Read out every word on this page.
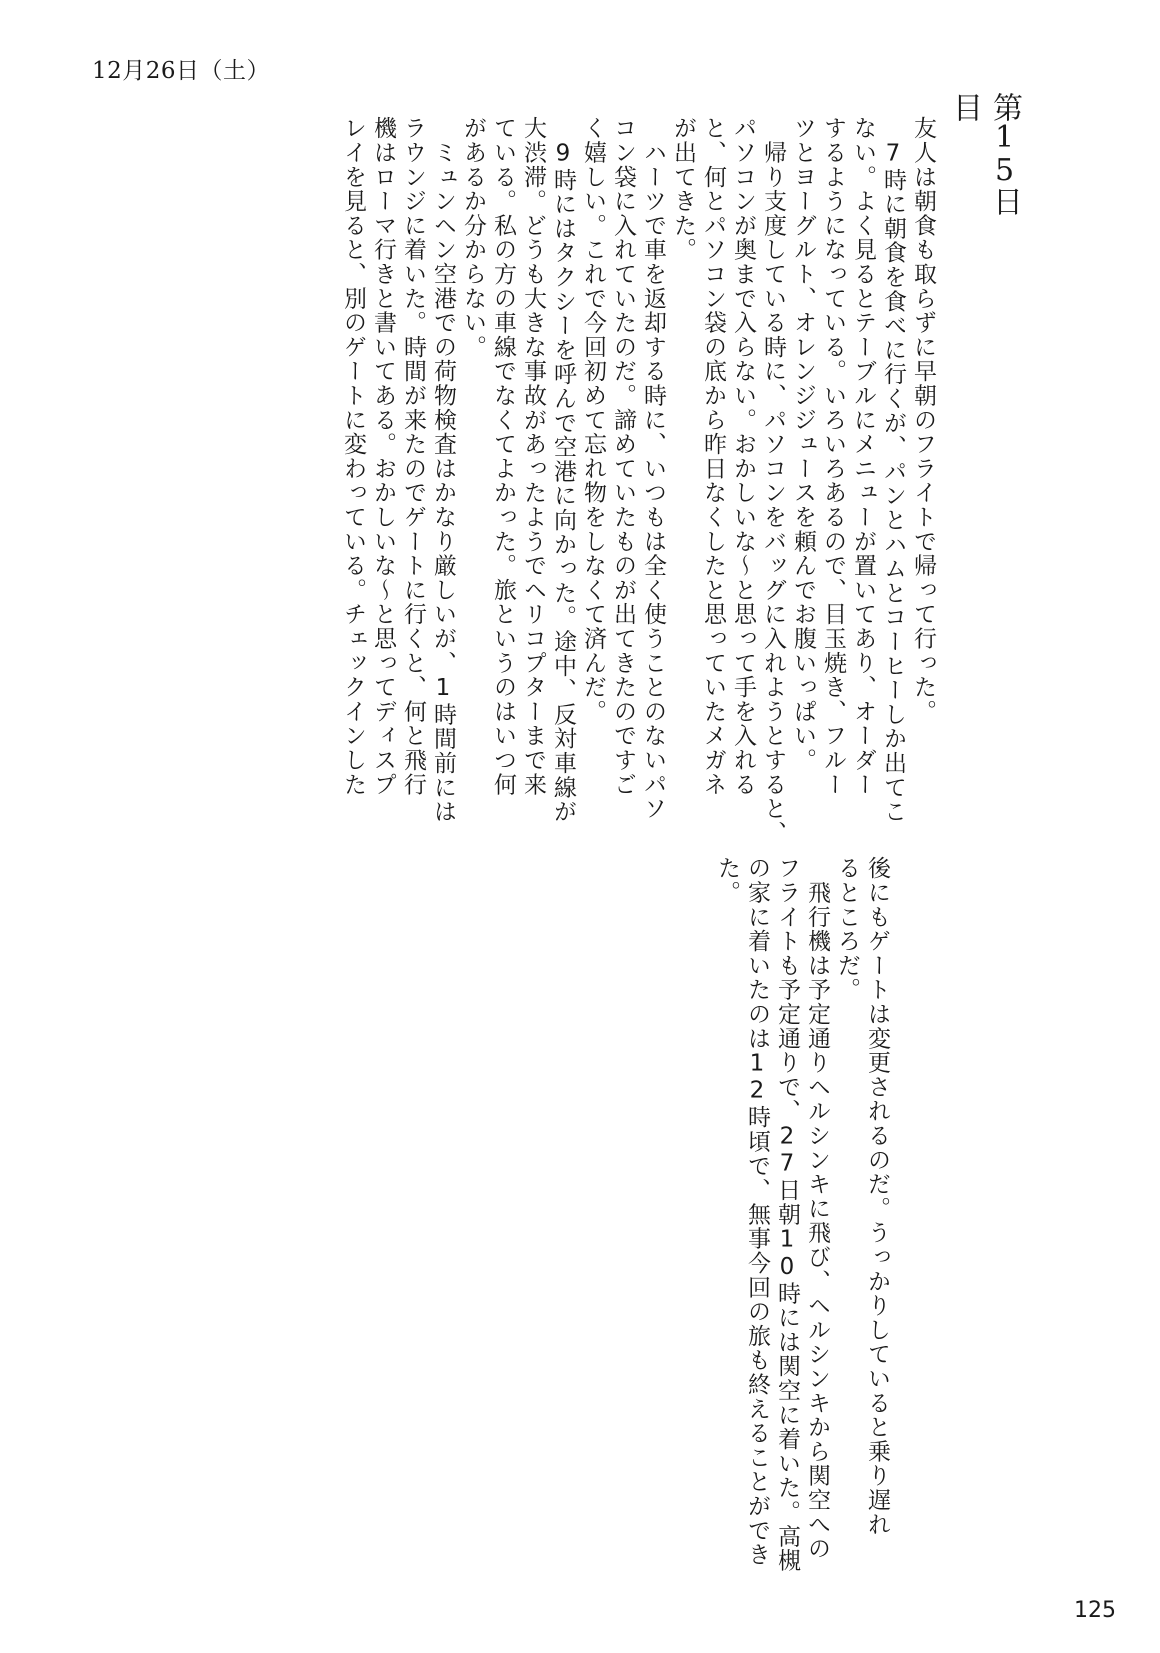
12月26日（土）
第15日目
友人は朝食も取らずに早朝のフライトで帰って行った。
　7時に朝食を食べに行くが、パンとハムとコーヒーしか出てこ
ない。よく見るとテーブルにメニューが置いてあり、オーダー
するようになっている。いろいろあるので、目玉焼き、フルー
ツとヨーグルト、オレンジジュースを頼んでお腹いっぱい。
　帰り支度している時に、パソコンをバッグに入れようとすると、
パソコンが奥まで入らない。おかしいな〜と思って手を入れる
と、何とパソコン袋の底から昨日なくしたと思っていたメガネ
が出てきた。
　ハーツで車を返却する時に、いつもは全く使うことのないパソ
コン袋に入れていたのだ。諦めていたものが出てきたのですご
く嬉しい。これで今回初めて忘れ物をしなくて済んだ。
　9時にはタクシーを呼んで空港に向かった。途中、反対車線が
大渋滞。どうも大きな事故があったようでヘリコプターまで来
ている。私の方の車線でなくてよかった。旅というのはいつ何
があるか分からない。
　ミュンヘン空港での荷物検査はかなり厳しいが、1時間前には
ラウンジに着いた。時間が来たのでゲートに行くと、何と飛行
機はローマ行きと書いてある。おかしいな〜と思ってディスプ
レイを見ると、別のゲートに変わっている。チェックインした
後にもゲートは変更されるのだ。うっかりしていると乗り遅れ
るところだ。
　飛行機は予定通りヘルシンキに飛び、ヘルシンキから関空への
フライトも予定通りで、27日朝10時には関空に着いた。高槻
の家に着いたのは12時頃で、無事今回の旅も終えることができ
た。
125
